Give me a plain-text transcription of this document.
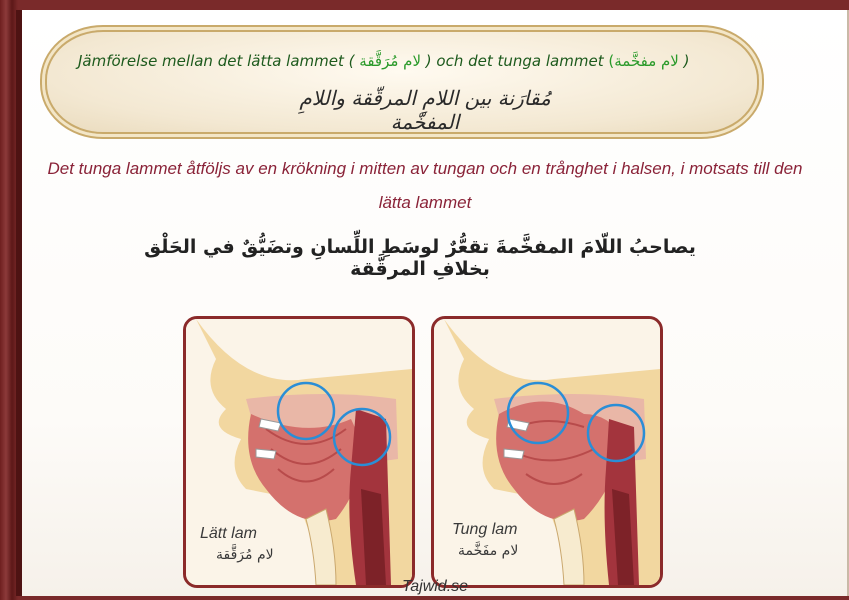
Jämförelse mellan det lätta lammet ( لام مُرَقَّقة ) och det tunga lammet (لام مفخَّمة )
مُقارَنة بين اللامِ المرقّقة واللامِ المفخّمة
Det tunga lammet åtföljs av en krökning i mitten av tungan och en trånghet i halsen, i motsats till den lätta lammet
يصاحبُ اللّامَ المفخَّمةَ تقعُّرٌ لوسَطِ اللِّسانِ وتضَيُّقٌ في الحَلْق بخلافِ المرقَّقة
Lätt lam
لام مُرَقَّقة
Tung lam
لام مفَخَّمة
Tajwid.se
